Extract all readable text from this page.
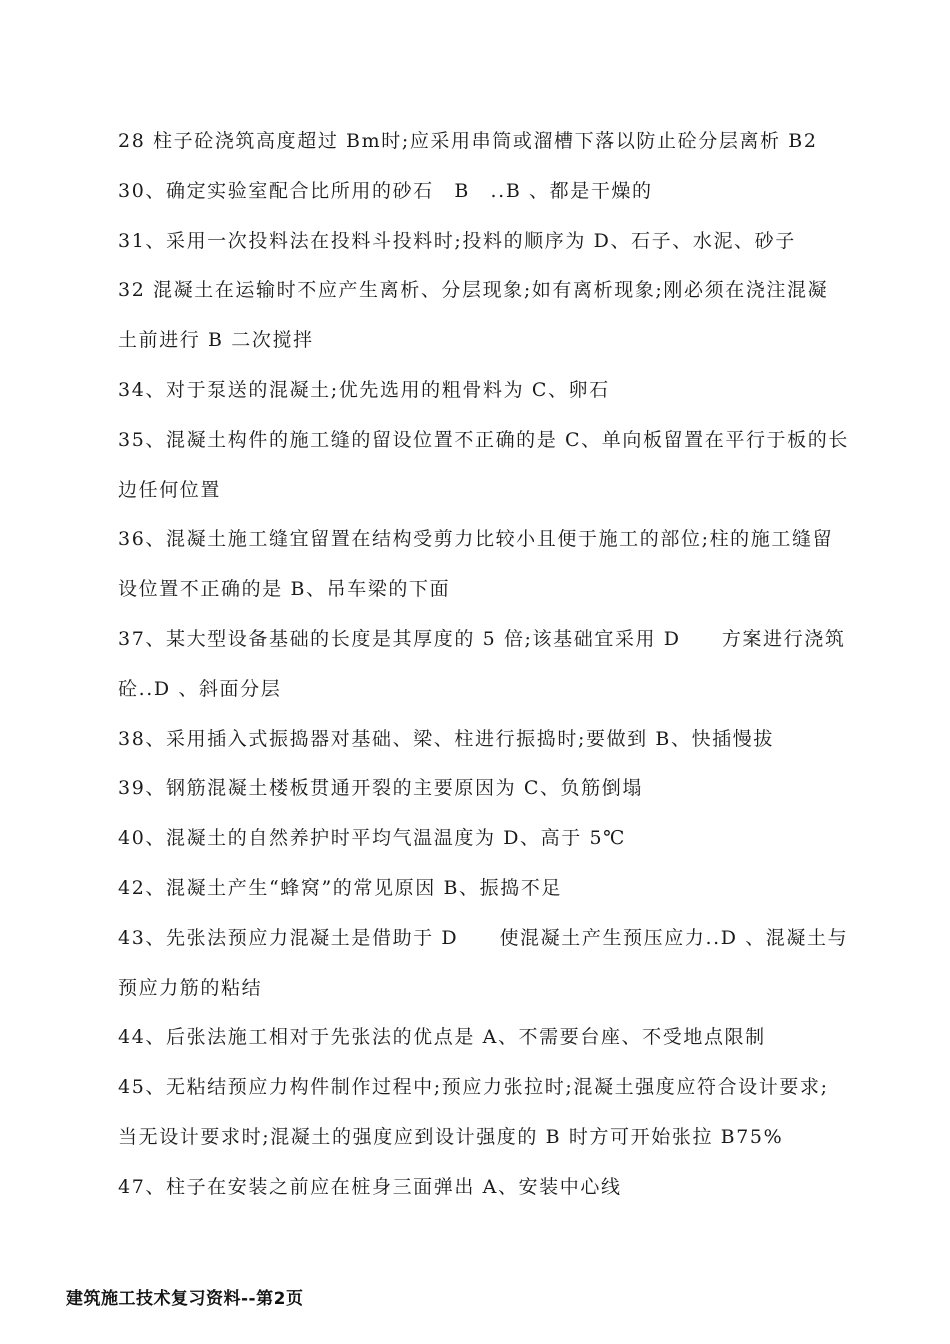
28 柱子砼浇筑高度超过 Bm时;应采用串筒或溜槽下落以防止砼分层离析 B2
30、确定实验室配合比所用的砂石　B　..B 、都是干燥的
31、采用一次投料法在投料斗投料时;投料的顺序为 D、石子、水泥、砂子
32 混凝土在运输时不应产生离析、分层现象;如有离析现象;刚必须在浇注混凝
土前进行 B 二次搅拌
34、对于泵送的混凝土;优先选用的粗骨料为 C、卵石
35、混凝土构件的施工缝的留设位置不正确的是 C、单向板留置在平行于板的长
边任何位置
36、混凝土施工缝宜留置在结构受剪力比较小且便于施工的部位;柱的施工缝留
设位置不正确的是 B、吊车梁的下面
37、某大型设备基础的长度是其厚度的 5 倍;该基础宜采用 D　　方案进行浇筑
砼..D 、斜面分层
38、采用插入式振捣器对基础、梁、柱进行振捣时;要做到 B、快插慢拔
39、钢筋混凝土楼板贯通开裂的主要原因为 C、负筋倒塌
40、混凝土的自然养护时平均气温温度为 D、高于 5℃
42、混凝土产生“蜂窝”的常见原因 B、振捣不足
43、先张法预应力混凝土是借助于 D　　使混凝土产生预压应力..D 、混凝土与
预应力筋的粘结
44、后张法施工相对于先张法的优点是 A、不需要台座、不受地点限制
45、无粘结预应力构件制作过程中;预应力张拉时;混凝土强度应符合设计要求;
当无设计要求时;混凝土的强度应到设计强度的 B 时方可开始张拉 B75%
47、柱子在安装之前应在桩身三面弹出 A、安装中心线
建筑施工技术复习资料--第2页
